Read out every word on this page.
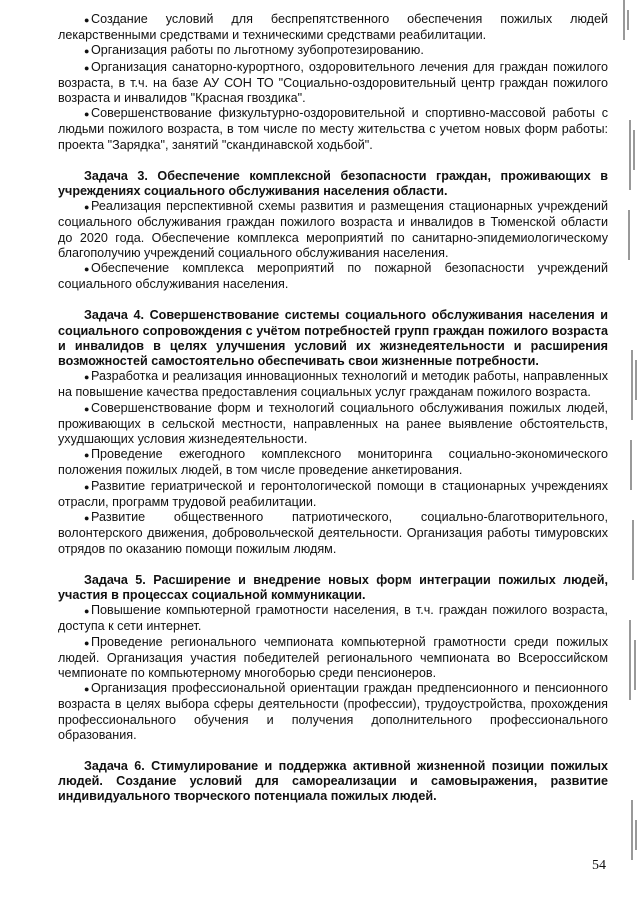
● Создание условий для беспрепятственного обеспечения пожилых людей лекарственными средствами и техническими средствами реабилитации.

● Организация работы по льготному зубопротезированию.

● Организация санаторно-курортного, оздоровительного лечения для граждан пожилого возраста, в т.ч. на базе АУ СОН ТО "Социально-оздоровительный центр граждан пожилого возраста и инвалидов "Красная гвоздика".

● Совершенствование физкультурно-оздоровительной и спортивно-массовой работы с людьми пожилого возраста, в том числе по месту жительства с учетом новых форм работы: проекта "Зарядка", занятий "скандинавской ходьбой".

Задача 3. Обеспечение комплексной безопасности граждан, проживающих в учреждениях социального обслуживания населения области.

● Реализация перспективной схемы развития и размещения стационарных учреждений социального обслуживания граждан пожилого возраста и инвалидов в Тюменской области до 2020 года. Обеспечение комплекса мероприятий по санитарно-эпидемиологическому благополучию учреждений социального обслуживания населения.

● Обеспечение комплекса мероприятий по пожарной безопасности учреждений социального обслуживания населения.

Задача 4. Совершенствование системы социального обслуживания населения и социального сопровождения с учётом потребностей групп граждан пожилого возраста и инвалидов в целях улучшения условий их жизнедеятельности и расширения возможностей самостоятельно обеспечивать свои жизненные потребности.

● Разработка и реализация инновационных технологий и методик работы, направленных на повышение качества предоставления социальных услуг гражданам пожилого возраста.

● Совершенствование форм и технологий социального обслуживания пожилых людей, проживающих в сельской местности, направленных на ранее выявление обстоятельств, ухудшающих условия жизнедеятельности.

● Проведение ежегодного комплексного мониторинга социально-экономического положения пожилых людей, в том числе проведение анкетирования.

● Развитие гериатрической и геронтологической помощи в стационарных учреждениях отрасли, программ трудовой реабилитации.

● Развитие общественного патриотического, социально-благотворительного, волонтерского движения, добровольческой деятельности. Организация работы тимуровских отрядов по оказанию помощи пожилым людям.

Задача 5. Расширение и внедрение новых форм интеграции пожилых людей, участия в процессах социальной коммуникации.

● Повышение компьютерной грамотности населения, в т.ч. граждан пожилого возраста, доступа к сети интернет.

● Проведение регионального чемпионата компьютерной грамотности среди пожилых людей. Организация участия победителей регионального чемпионата во Всероссийском чемпионате по компьютерному многоборью среди пенсионеров.

● Организация профессиональной ориентации граждан предпенсионного и пенсионного возраста в целях выбора сферы деятельности (профессии), трудоустройства, прохождения профессионального обучения и получения дополнительного профессионального образования.

Задача 6. Стимулирование и поддержка активной жизненной позиции пожилых людей. Создание условий для самореализации и самовыражения, развитие индивидуального творческого потенциала пожилых людей.

54
